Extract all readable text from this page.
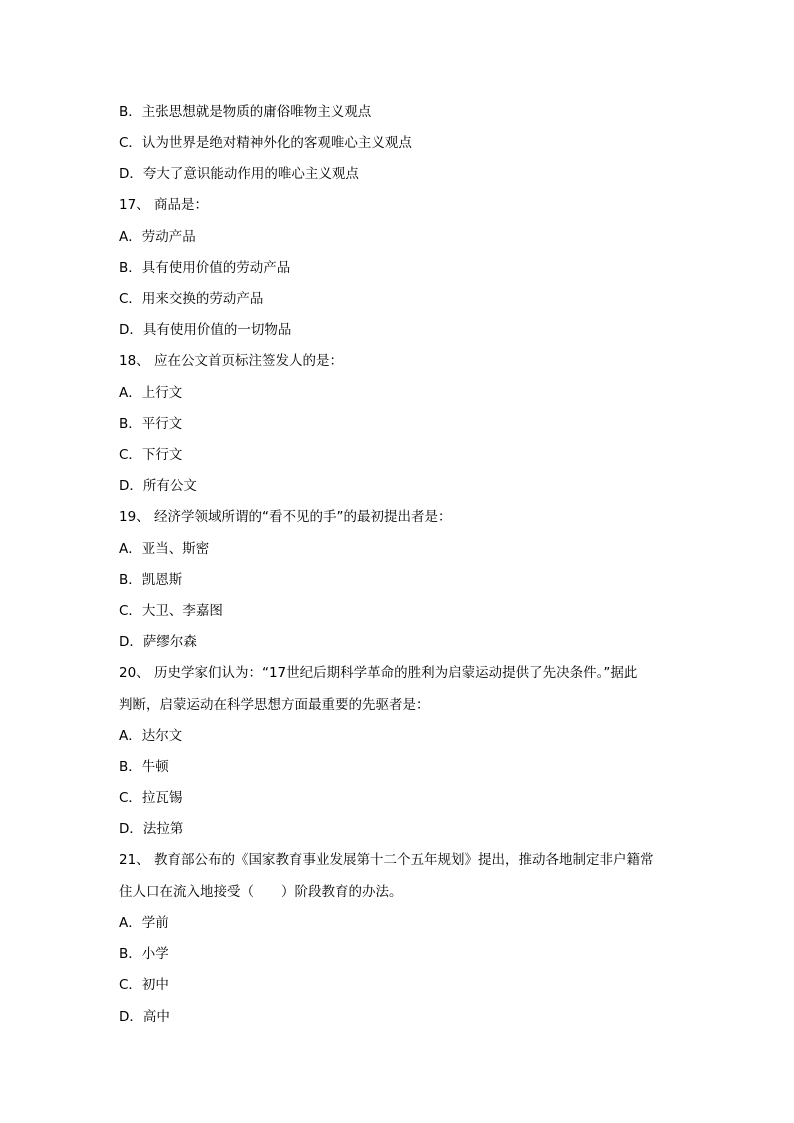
B．主张思想就是物质的庸俗唯物主义观点
C．认为世界是绝对精神外化的客观唯心主义观点
D．夸大了意识能动作用的唯心主义观点
17、 商品是：
A．劳动产品
B．具有使用价值的劳动产品
C．用来交换的劳动产品
D．具有使用价值的一切物品
18、 应在公文首页标注签发人的是：
A．上行文
B．平行文
C．下行文
D．所有公文
19、 经济学领域所谓的“看不见的手”的最初提出者是：
A．亚当、斯密
B．凯恩斯
C．大卫、李嘉图
D．萨缪尔森
20、 历史学家们认为：“17世纪后期科学革命的胜利为启蒙运动提供了先决条件。”据此
判断，启蒙运动在科学思想方面最重要的先驱者是：
A．达尔文
B．牛顿
C．拉瓦锡
D．法拉第
21、 教育部公布的《国家教育事业发展第十二个五年规划》提出，推动各地制定非户籍常
住人口在流入地接受（　　）阶段教育的办法。
A．学前
B．小学
C．初中
D．高中
